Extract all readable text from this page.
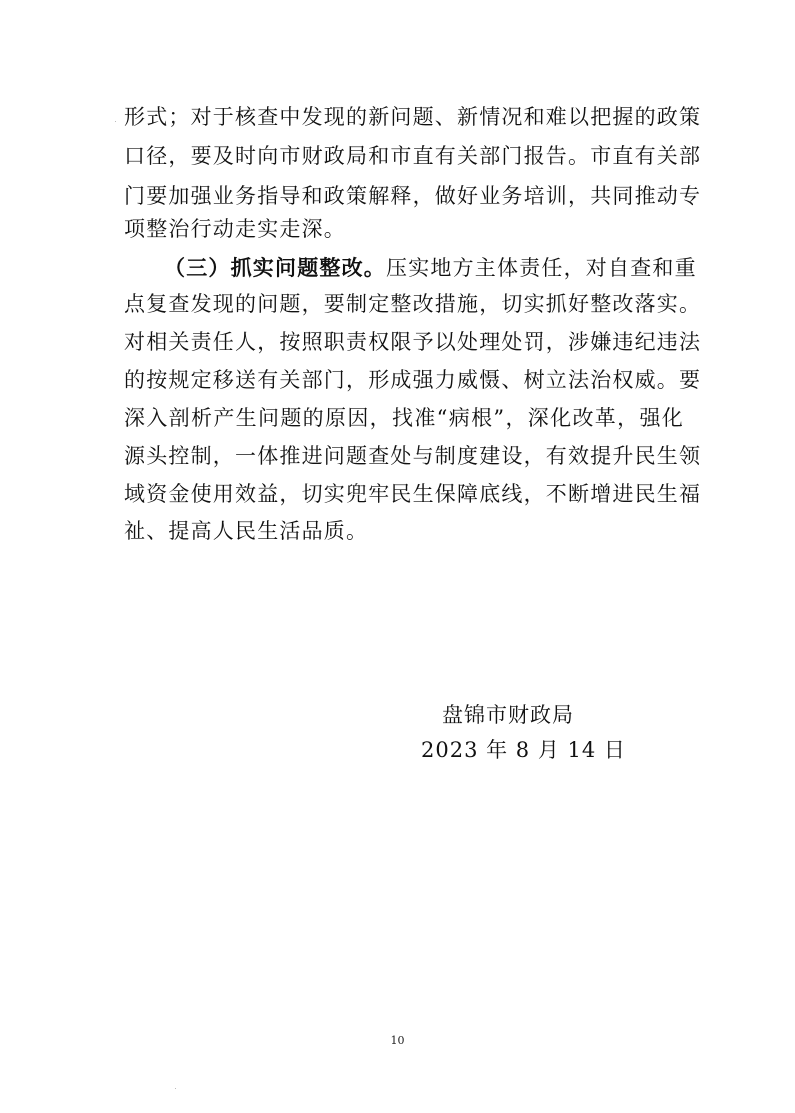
形式；对于核查中发现的新问题、新情况和难以把握的政策
口径，要及时向市财政局和市直有关部门报告。市直有关部
门要加强业务指导和政策解释，做好业务培训，共同推动专
项整治行动走实走深。
（三）抓实问题整改。压实地方主体责任，对自查和重
点复查发现的问题，要制定整改措施，切实抓好整改落实。
对相关责任人，按照职责权限予以处理处罚，涉嫌违纪违法
的按规定移送有关部门，形成强力威慑、树立法治权威。要
深入剖析产生问题的原因，找准“病根”，深化改革，强化
源头控制，一体推进问题查处与制度建设，有效提升民生领
域资金使用效益，切实兜牢民生保障底线，不断增进民生福
祉、提高人民生活品质。
盘锦市财政局
2023 年 8 月 14 日
10
